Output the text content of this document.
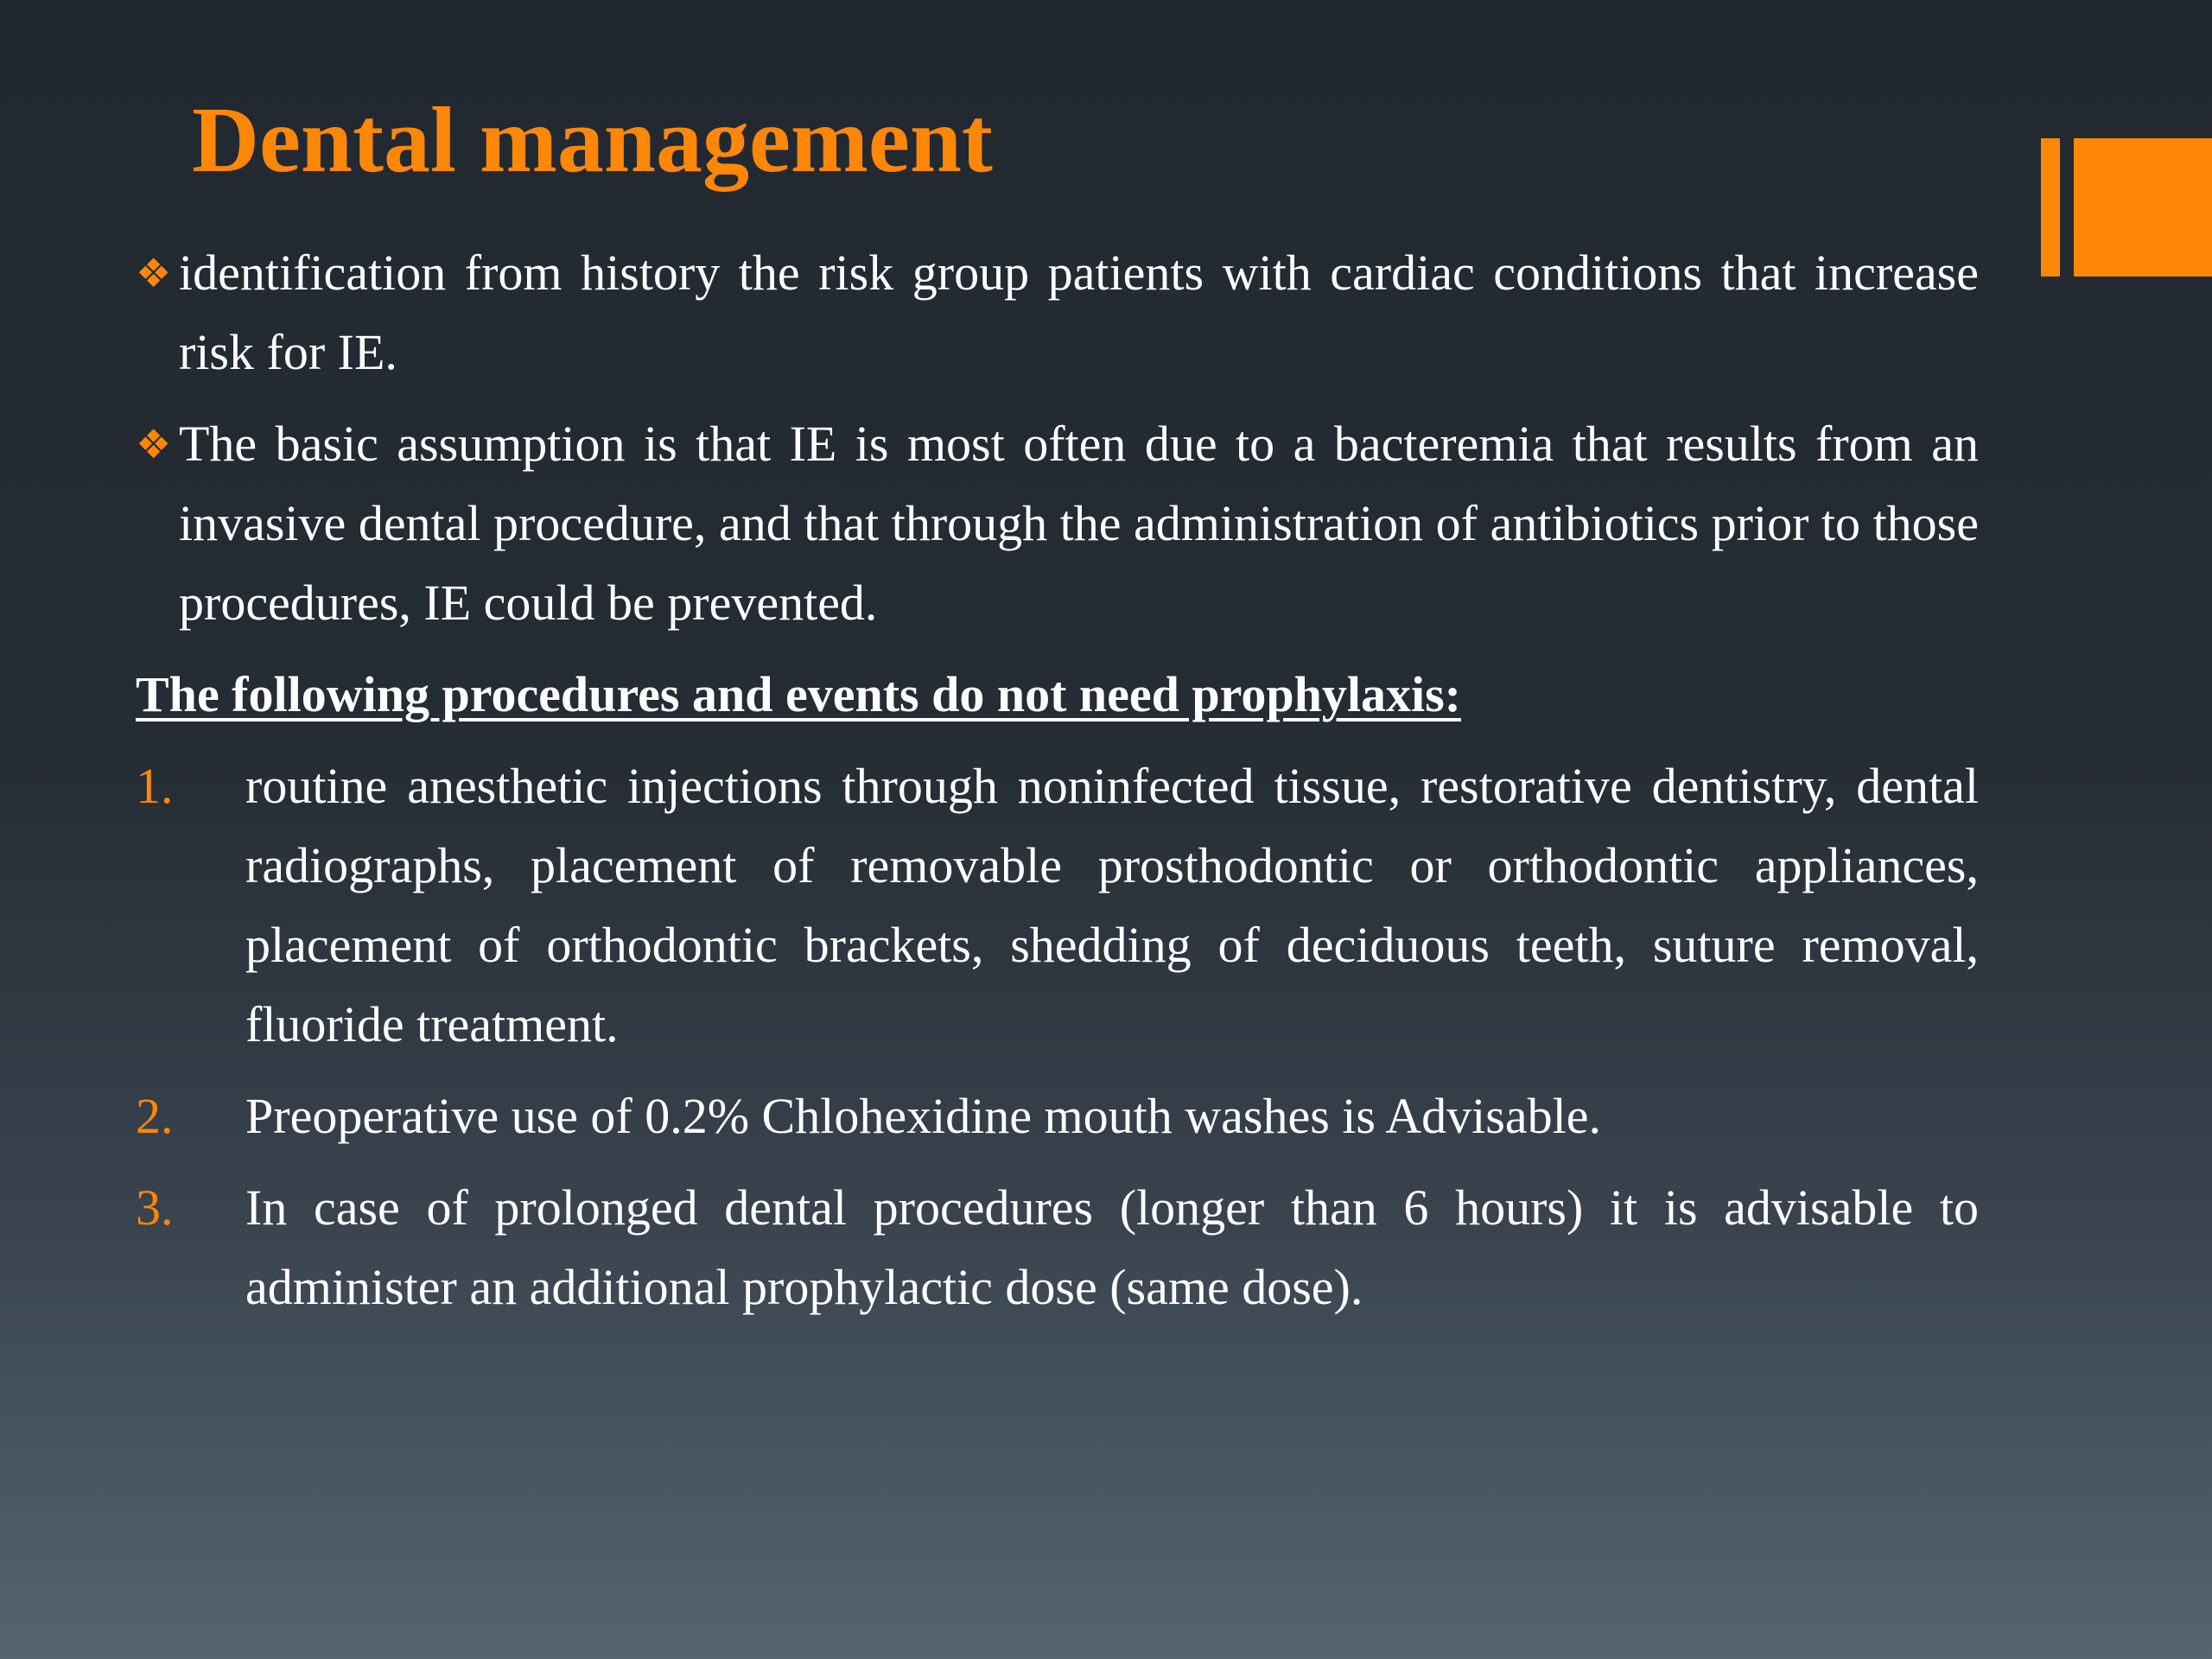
Dental management

❖ identification from history the risk group patients with cardiac conditions that increase risk for IE.

❖ The basic assumption is that IE is most often due to a bacteremia that results from an invasive dental procedure, and that through the administration of antibiotics prior to those procedures, IE could be prevented.

The following procedures and events do not need prophylaxis:

1. routine anesthetic injections through noninfected tissue, restorative dentistry, dental radiographs, placement of removable prosthodontic or orthodontic appliances, placement of orthodontic brackets, shedding of deciduous teeth, suture removal, fluoride treatment.

2. Preoperative use of 0.2% Chlohexidine mouth washes is Advisable.

3. In case of prolonged dental procedures (longer than 6 hours) it is advisable to administer an additional prophylactic dose (same dose).
